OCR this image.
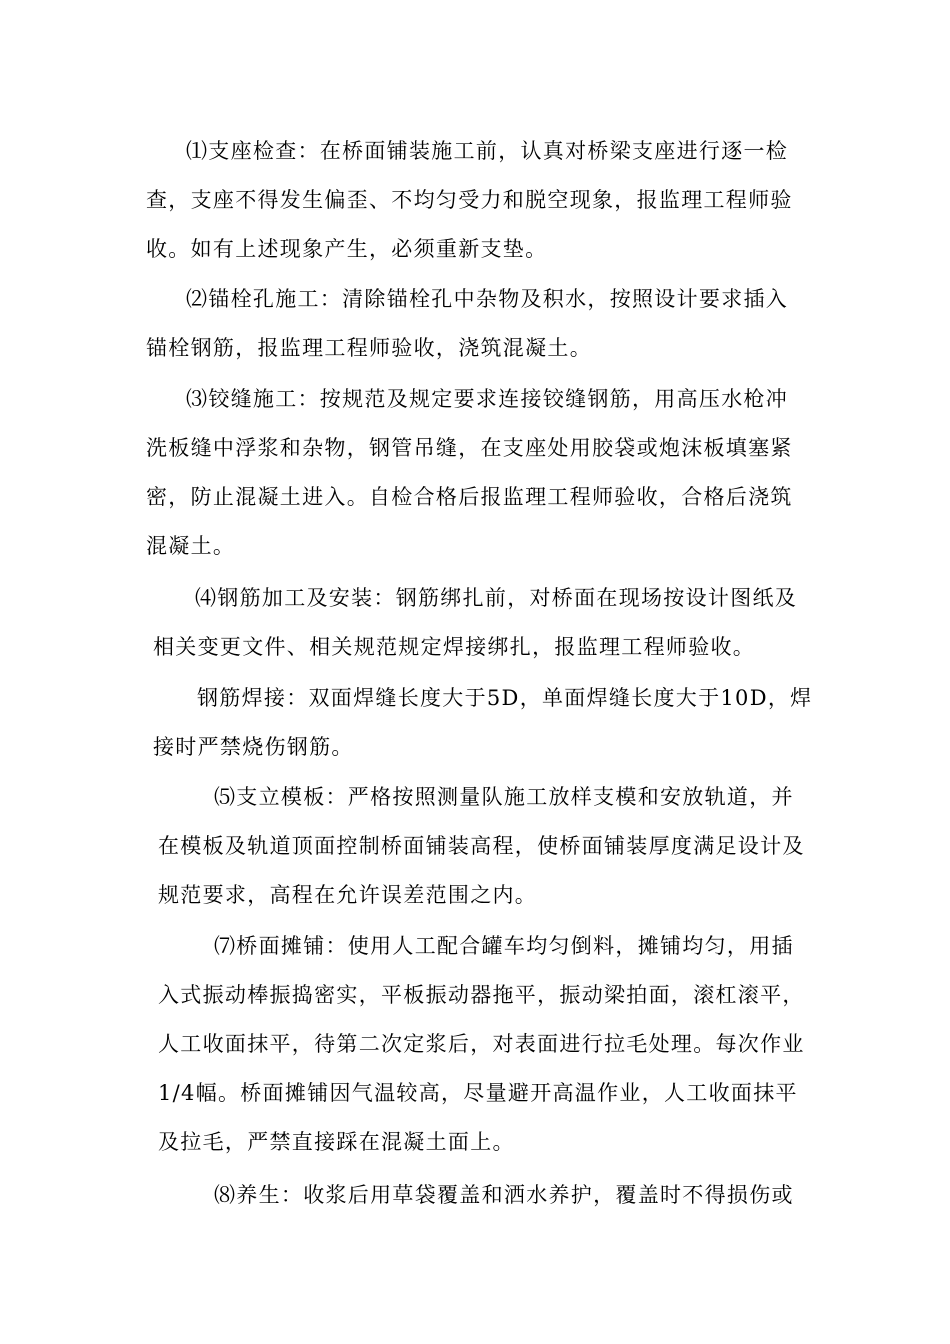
⑴支座检查：在桥面铺装施工前，认真对桥梁支座进行逐一检
查，支座不得发生偏歪、不均匀受力和脱空现象，报监理工程师验
收。如有上述现象产生，必须重新支垫。
⑵锚栓孔施工：清除锚栓孔中杂物及积水，按照设计要求插入
锚栓钢筋，报监理工程师验收，浇筑混凝土。
⑶铰缝施工：按规范及规定要求连接铰缝钢筋，用高压水枪冲
洗板缝中浮浆和杂物，钢管吊缝，在支座处用胶袋或炮沫板填塞紧
密，防止混凝土进入。自检合格后报监理工程师验收，合格后浇筑
混凝土。
⑷钢筋加工及安装：钢筋绑扎前，对桥面在现场按设计图纸及
相关变更文件、相关规范规定焊接绑扎，报监理工程师验收。
钢筋焊接：双面焊缝长度大于5D，单面焊缝长度大于10D，焊
接时严禁烧伤钢筋。
⑸支立模板：严格按照测量队施工放样支模和安放轨道，并
在模板及轨道顶面控制桥面铺装高程，使桥面铺装厚度满足设计及
规范要求，高程在允许误差范围之内。
⑺桥面摊铺：使用人工配合罐车均匀倒料，摊铺均匀，用插
入式振动棒振捣密实，平板振动器拖平，振动梁拍面，滚杠滚平，
人工收面抹平，待第二次定浆后，对表面进行拉毛处理。每次作业
1/4幅。桥面摊铺因气温较高，尽量避开高温作业，人工收面抹平
及拉毛，严禁直接踩在混凝土面上。
⑻养生：收浆后用草袋覆盖和洒水养护，覆盖时不得损伤或
